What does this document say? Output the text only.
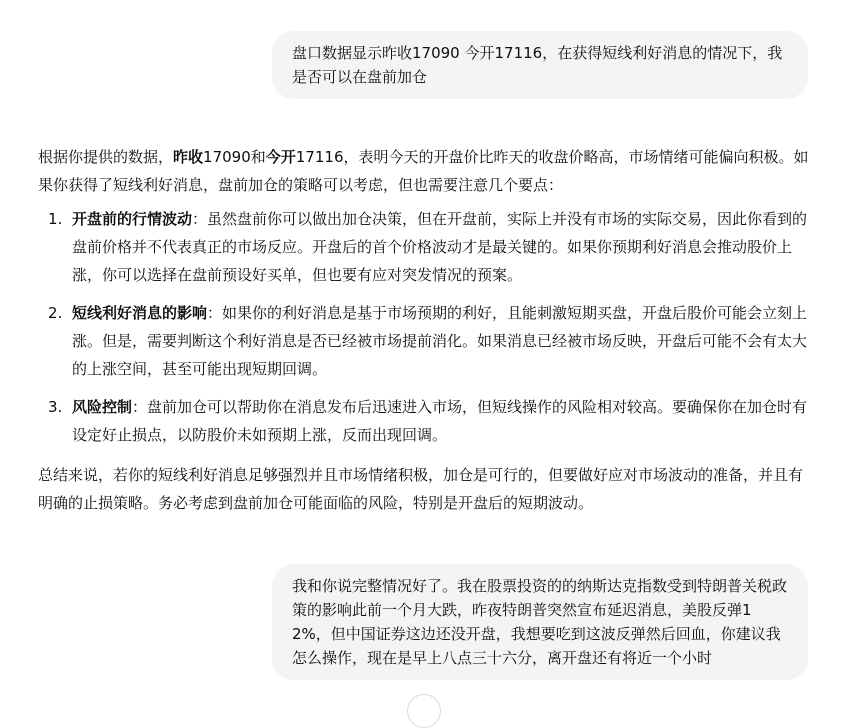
盘口数据显示昨收17090 今开17116，在获得短线利好消息的情况下，我是否可以在盘前加仓

根据你提供的数据，昨收17090和今开17116，表明今天的开盘价比昨天的收盘价略高，市场情绪可能偏向积极。如果你获得了短线利好消息，盘前加仓的策略可以考虑，但也需要注意几个要点：

1. 开盘前的行情波动：虽然盘前你可以做出加仓决策，但在开盘前，实际上并没有市场的实际交易，因此你看到的盘前价格并不代表真正的市场反应。开盘后的首个价格波动才是最关键的。如果你预期利好消息会推动股价上涨，你可以选择在盘前预设好买单，但也要有应对突发情况的预案。
2. 短线利好消息的影响：如果你的利好消息是基于市场预期的利好，且能刺激短期买盘，开盘后股价可能会立刻上涨。但是，需要判断这个利好消息是否已经被市场提前消化。如果消息已经被市场反映，开盘后可能不会有太大的上涨空间，甚至可能出现短期回调。
3. 风险控制：盘前加仓可以帮助你在消息发布后迅速进入市场，但短线操作的风险相对较高。要确保你在加仓时有设定好止损点，以防股价未如预期上涨，反而出现回调。

总结来说，若你的短线利好消息足够强烈并且市场情绪积极，加仓是可行的，但要做好应对市场波动的准备，并且有明确的止损策略。务必考虑到盘前加仓可能面临的风险，特别是开盘后的短期波动。

我和你说完整情况好了。我在股票投资的的纳斯达克指数受到特朗普关税政策的影响此前一个月大跌，昨夜特朗普突然宣布延迟消息，美股反弹12%，但中国证券这边还没开盘，我想要吃到这波反弹然后回血，你建议我怎么操作，现在是早上八点三十六分，离开盘还有将近一个小时
